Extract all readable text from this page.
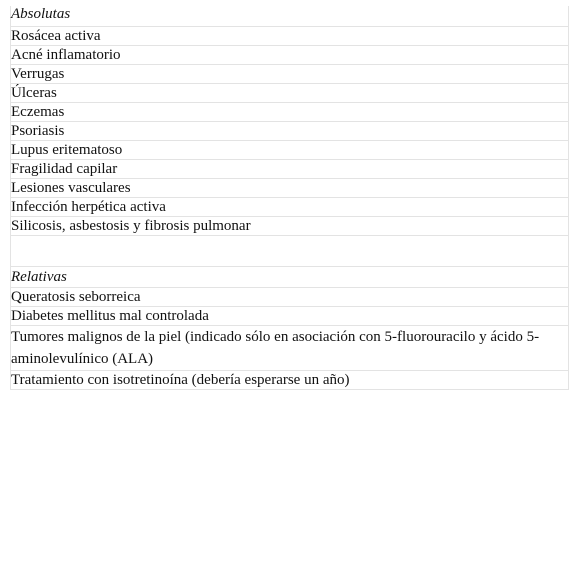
Absolutas
Rosácea activa
Acné inflamatorio
Verrugas
Úlceras
Eczemas
Psoriasis
Lupus eritematoso
Fragilidad capilar
Lesiones vasculares
Infección herpética activa
Silicosis, asbestosis y fibrosis pulmonar

Relativas
Queratosis seborreica
Diabetes mellitus mal controlada
Tumores malignos de la piel (indicado sólo en asociación con 5-fluorouracilo y ácido 5-aminolevulínico (ALA)
Tratamiento con isotretinoína (debería esperarse un año)
